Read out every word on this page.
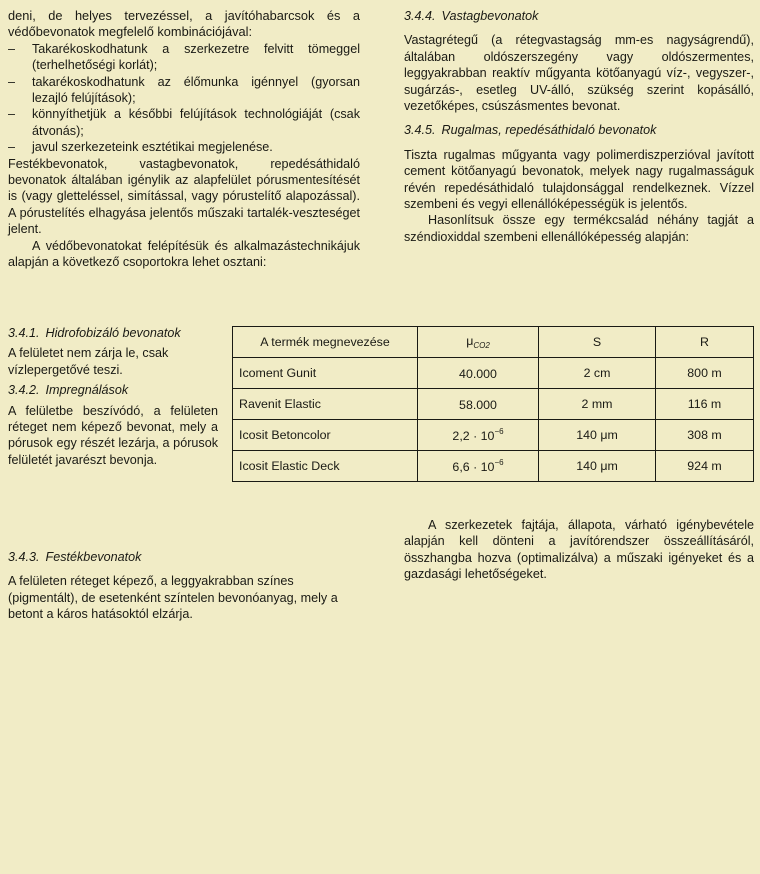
deni, de helyes tervezéssel, a javítóhabarcsok és a védőbevonatok megfelelő kombinációjával:

– Takarékoskodhatunk a szerkezetre felvitt tömeggel (terhelhetőségi korlát);
– takarékoskodhatunk az élőmunka igénnyel (gyorsan lezajló felújítások);
– könnyíthetjük a későbbi felújítások technológiáját (csak átvonás);
– javul szerkezeteink esztétikai megjelenése.

Festékbevonatok, vastagbevonatok, repedésáthidaló bevonatok általában igénylik az alapfelület pórusmentesítését is (vagy gletteléssel, simítással, vagy pórustelítő alapozással). A pórustelítés elhagyása jelentős műszaki tartalék-veszteséget jelent.

A védőbevonatokat felépítésük és alkalmazástechnikájuk alapján a következő csoportokra lehet osztani:

3.4.1. Hidrofobizáló bevonatok

A felületet nem zárja le, csak vízlepergetővé teszi.

3.4.2. Impregnálások

A felületbe beszívódó, a felületen réteget nem képező bevonat, mely a pórusok egy részét lezárja, a pórusok felületét javarészt bevonja.

3.4.3. Festékbevonatok

A felületen réteget képező, a leggyakrabban színes (pigmentált), de esetenként színtelen bevonóanyag, mely a betont a káros hatásoktól elzárja.

3.4.4. Vastagbevonatok

Vastagrétegű (a rétegvastagság mm-es nagyságrendű), általában oldószerszegény vagy oldószermentes, leggyakrabban reaktív műgyanta kötőanyagú víz-, vegyszer-, sugárzás-, esetleg UV-álló, szükség szerint kopásálló, vezetőképes, csúszásmentes bevonat.

3.4.5. Rugalmas, repedésáthidaló bevonatok

Tiszta rugalmas műgyanta vagy polimerdiszperzióval javított cement kötőanyagú bevonatok, melyek nagy rugalmasságuk révén repedésáthidaló tulajdonsággal rendelkeznek. Vízzel szembeni és vegyi ellenállóképességük is jelentős.

Hasonlítsuk össze egy termékcsalád néhány tagját a széndioxiddal szembeni ellenállóképesség alapján:

A termék megnevezése	$\mu_{CO2}$	S	R
Icoment Gunit	40.000	2 cm	800 m
Ravenit Elastic	58.000	2 mm	116 m
Icosit Betoncolor	$2,2 \cdot 10^{-6}$	140 μm	308 m
Icosit Elastic Deck	$6,6 \cdot 10^{-6}$	140 μm	924 m

A szerkezetek fajtája, állapota, várható igénybevétele alapján kell dönteni a javítórendszer összeállításáról, összhangba hozva (optimalizálva) a műszaki igényeket és a gazdasági lehetőségeket.
